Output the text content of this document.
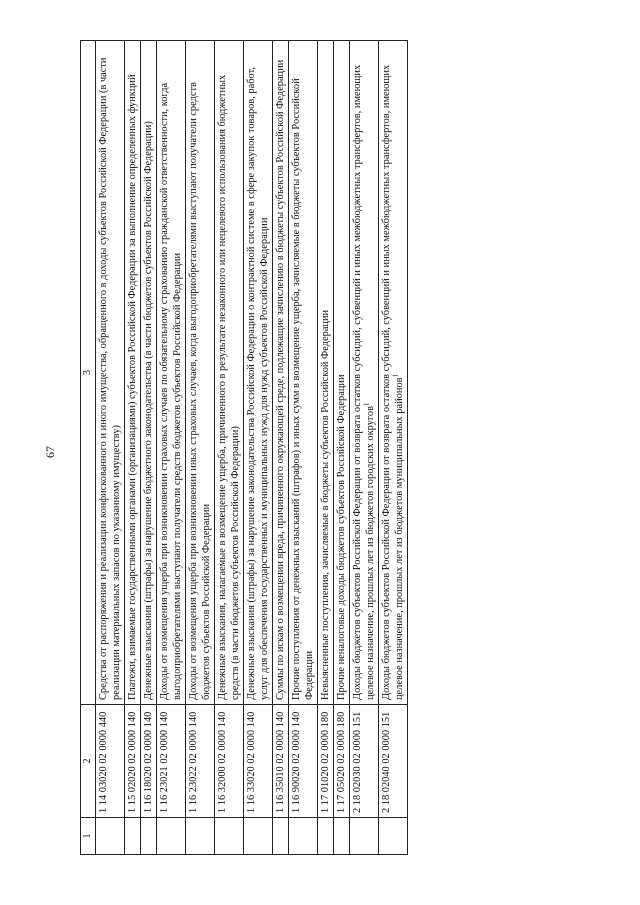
67
1	2	3
	1 14 03020 02 0000 440	Средства от распоряжения и реализации конфискованного и иного имущества, обращенного в доходы субъектов Российской Федерации (в части реализации материальных запасов по указанному имуществу)
	1 15 02020 02 0000 140	Платежи, взимаемые государственными органами (организациями) субъектов Российской Федерации за выполнение определенных функций
	1 16 18020 02 0000 140	Денежные взыскания (штрафы) за нарушение бюджетного законодательства (в части бюджетов субъектов Российской Федерации)
	1 16 23021 02 0000 140	Доходы от возмещения ущерба при возникновении страховых случаев по обязательному страхованию гражданской ответственности, когда выгодоприобретателями выступают получатели средств бюджетов субъектов Российской Федерации
	1 16 23022 02 0000 140	Доходы от возмещения ущерба при возникновении иных страховых случаев, когда выгодоприобретателями выступают получатели средств бюджетов субъектов Российской Федерации
	1 16 32000 02 0000 140	Денежные взыскания, налагаемые в возмещение ущерба, причиненного в результате незаконного или нецелевого использования бюджетных средств (в части бюджетов субъектов Российской Федерации)
	1 16 33020 02 0000 140	Денежные взыскания (штрафы) за нарушение законодательства Российской Федерации о контрактной системе в сфере закупок товаров, работ, услуг для обеспечения государственных и муниципальных нужд для нужд субъектов Российской Федерации
	1 16 35010 02 0000 140	Суммы по искам о возмещении вреда, причиненного окружающей среде, подлежащие зачислению в бюджеты субъектов Российской Федерации
	1 16 90020 02 0000 140	Прочие поступления от денежных взысканий (штрафов) и иных сумм в возмещение ущерба, зачисляемые в бюджеты субъектов Российской Федерации
	1 17 01020 02 0000 180	Невыясненные поступления, зачисляемые в бюджеты субъектов Российской Федерации
	1 17 05020 02 0000 180	Прочие неналоговые доходы бюджетов субъектов Российской Федерации
	2 18 02030 02 0000 151	Доходы бюджетов субъектов Российской Федерации от возврата остатков субсидий, субвенций и иных межбюджетных трансфертов, имеющих целевое назначение, прошлых лет из бюджетов городских округов$^1$
	2 18 02040 02 0000 151	Доходы бюджетов субъектов Российской Федерации от возврата остатков субсидий, субвенций и иных межбюджетных трансфертов, имеющих целевое назначение, прошлых лет из бюджетов муниципальных районов$^1$
